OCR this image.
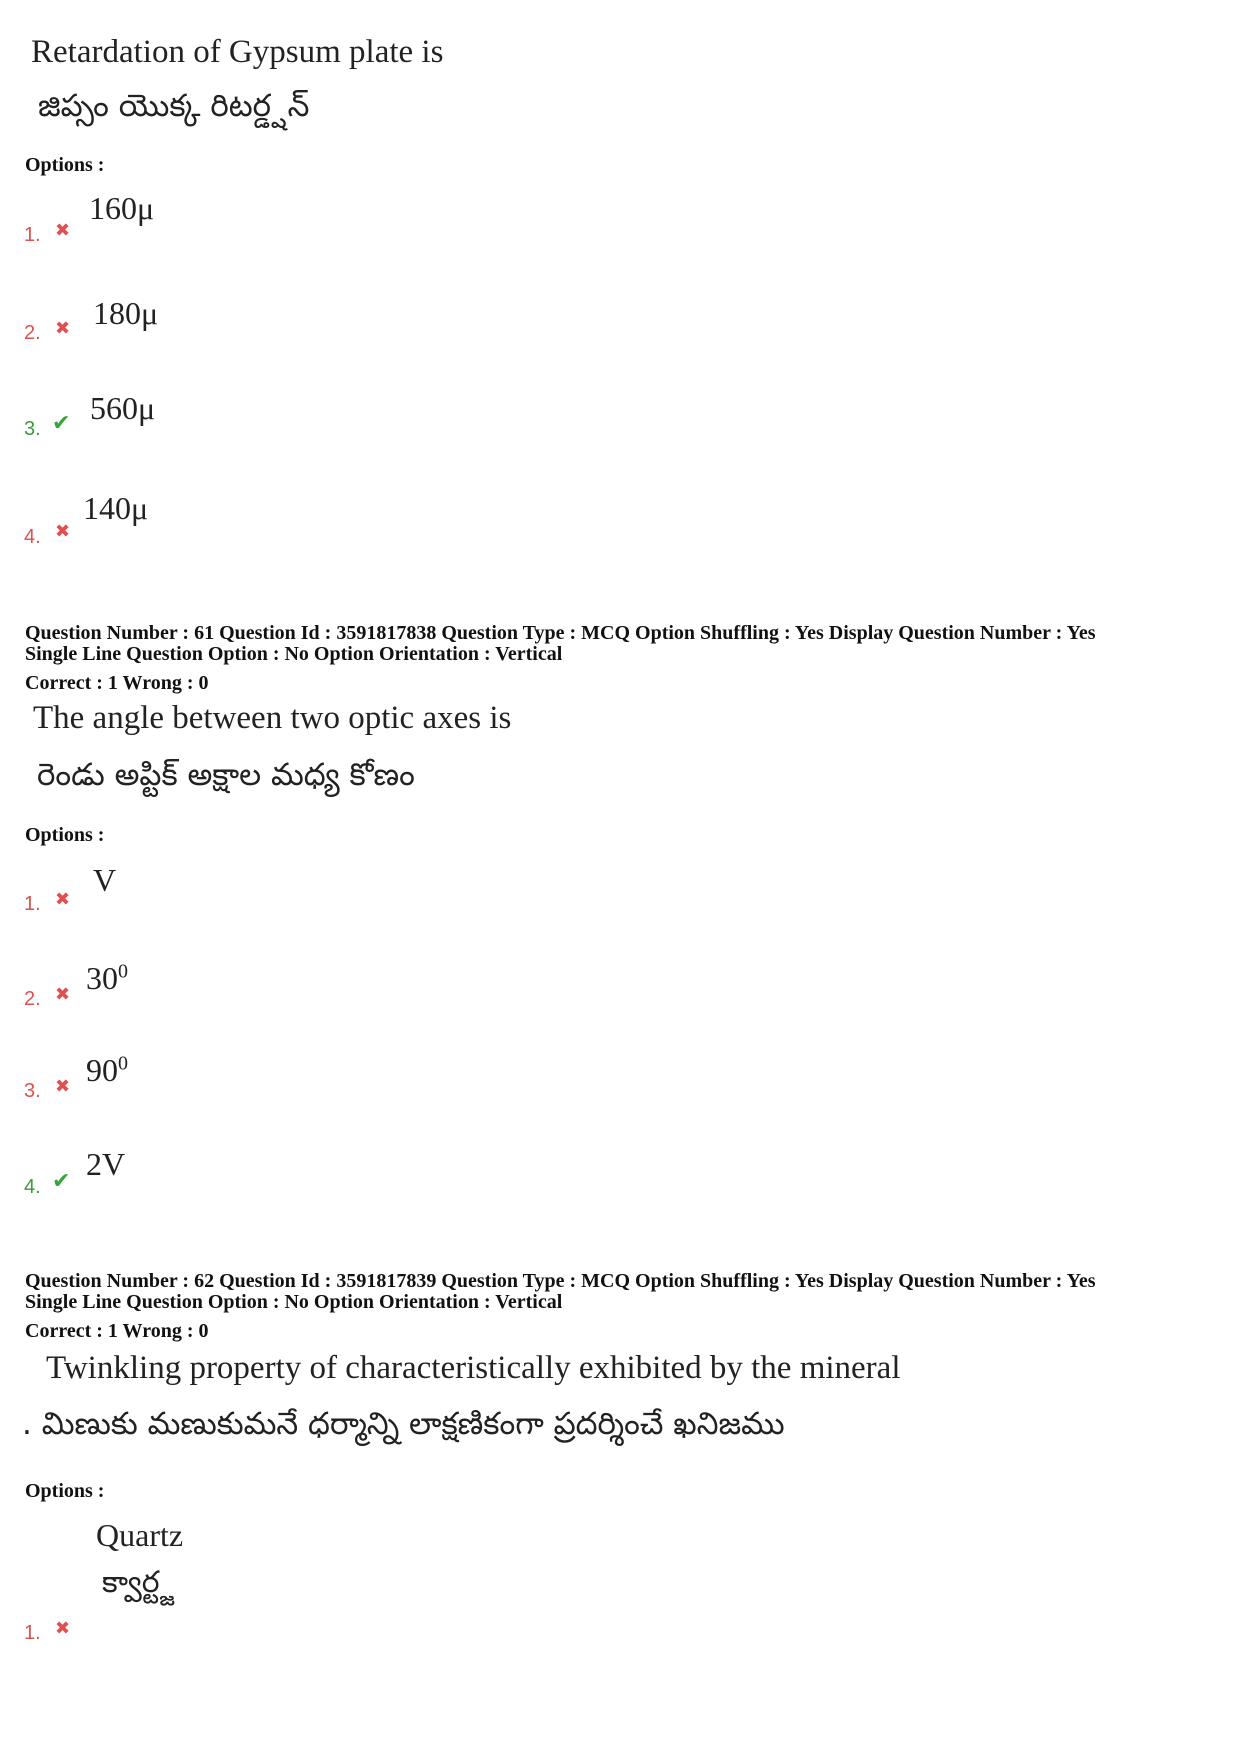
Retardation of Gypsum plate is
జిప్సం యొక్క రిటర్డ్షన్
Options :
1. ✖
160μ
2. ✖ 180μ
3. ✔ 560μ
4. ✖
140μ
Question Number : 61 Question Id : 3591817838 Question Type : MCQ Option Shuffling : Yes Display Question Number : Yes
Single Line Question Option : No Option Orientation : Vertical
Correct : 1 Wrong : 0
The angle between two optic axes is
రెండు అప్టిక్ అక్షాల మధ్య కోణం
Options :
1. ✖
V
2. ✖ $30^0$
3. ✖ $90^0$
4. ✔ 2V
Question Number : 62 Question Id : 3591817839 Question Type : MCQ Option Shuffling : Yes Display Question Number : Yes
Single Line Question Option : No Option Orientation : Vertical
Correct : 1 Wrong : 0
Twinkling property of characteristically exhibited by the mineral
. మిణుకు మణుకుమనే ధర్మాన్ని లాక్షణికంగా ప్రదర్శించే ఖనిజము
Options :
Quartz
క్వార్ట్జ
1. ✖
